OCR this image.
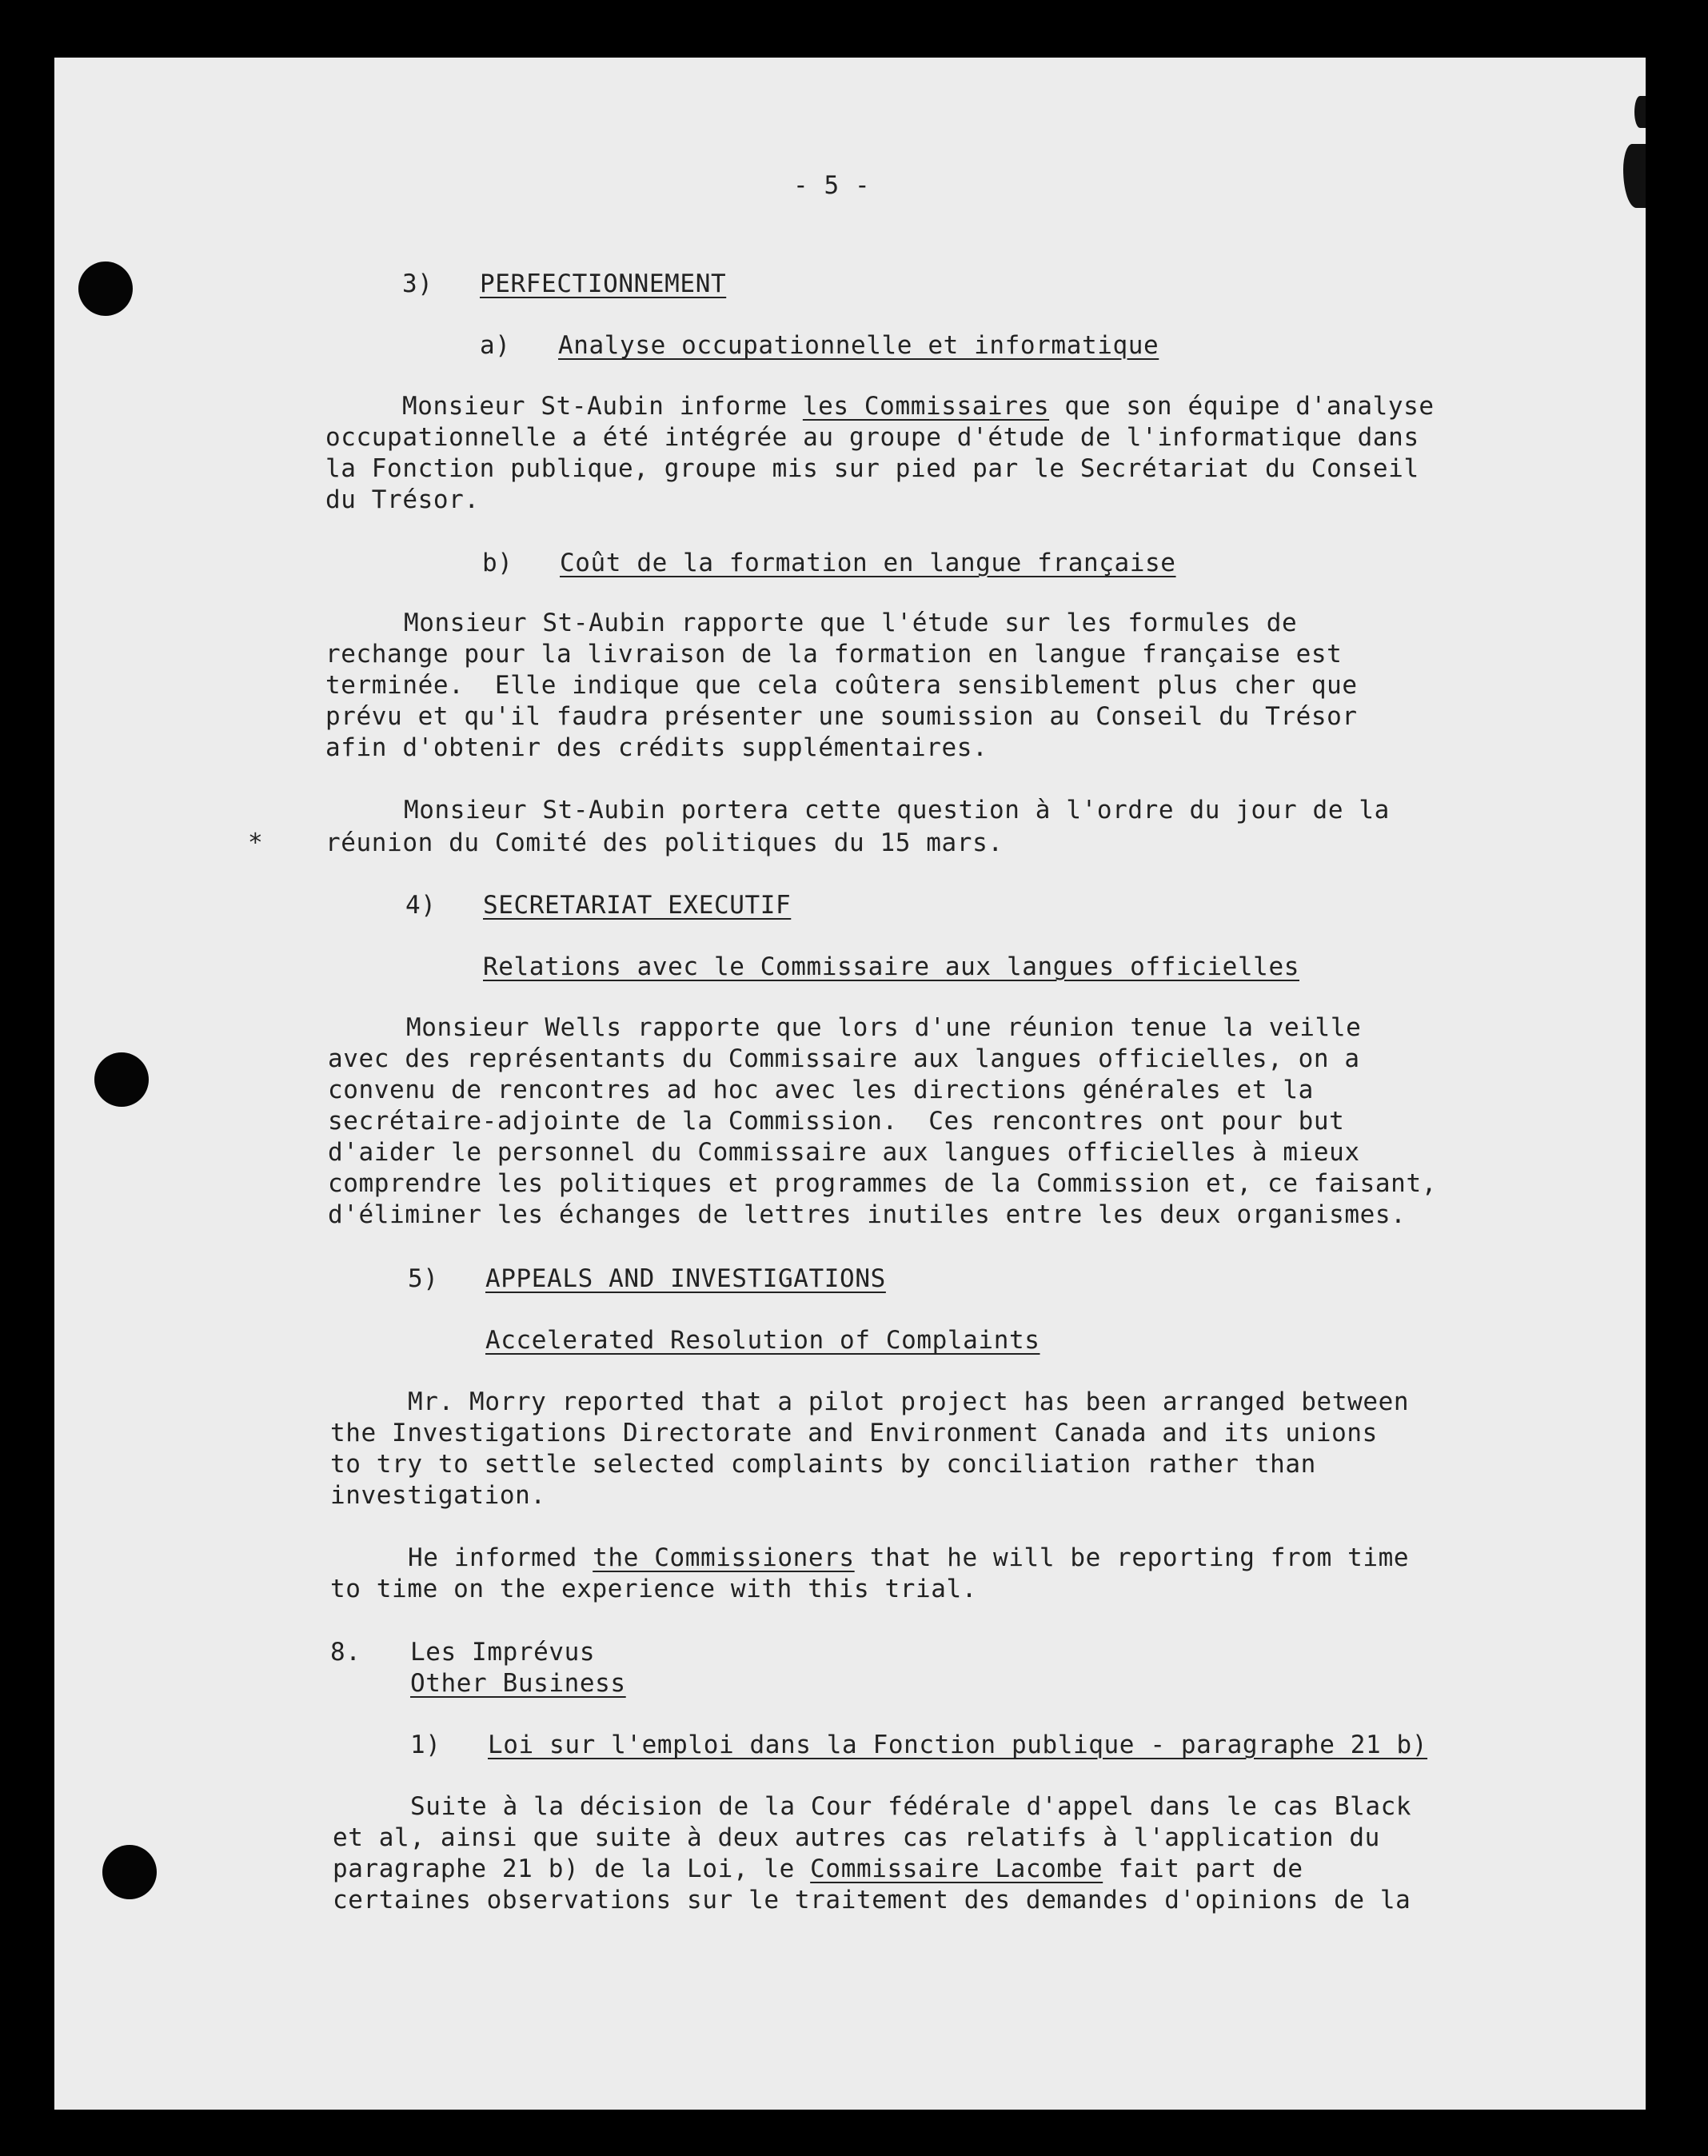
- 5 -

3) PERFECTIONNEMENT

a) Analyse occupationnelle et informatique

Monsieur St-Aubin informe les Commissaires que son équipe d'analyse

occupationnelle a été intégrée au groupe d'étude de l'informatique dans

la Fonction publique, groupe mis sur pied par le Secrétariat du Conseil

du Trésor.

b) Coût de la formation en langue française

Monsieur St-Aubin rapporte que l'étude sur les formules de

rechange pour la livraison de la formation en langue française est

terminée.  Elle indique que cela coûtera sensiblement plus cher que

prévu et qu'il faudra présenter une soumission au Conseil du Trésor

afin d'obtenir des crédits supplémentaires.

Monsieur St-Aubin portera cette question à l'ordre du jour de la

*	réunion du Comité des politiques du 15 mars.

4) SECRETARIAT EXECUTIF

Relations avec le Commissaire aux langues officielles

Monsieur Wells rapporte que lors d'une réunion tenue la veille

avec des représentants du Commissaire aux langues officielles, on a

convenu de rencontres ad hoc avec les directions générales et la

secrétaire-adjointe de la Commission.  Ces rencontres ont pour but

d'aider le personnel du Commissaire aux langues officielles à mieux

comprendre les politiques et programmes de la Commission et, ce faisant,

d'éliminer les échanges de lettres inutiles entre les deux organismes.

5) APPEALS AND INVESTIGATIONS

Accelerated Resolution of Complaints

Mr. Morry reported that a pilot project has been arranged between

the Investigations Directorate and Environment Canada and its unions

to try to settle selected complaints by conciliation rather than

investigation.

He informed the Commissioners that he will be reporting from time

to time on the experience with this trial.

8. Les Imprévus

Other Business

1) Loi sur l'emploi dans la Fonction publique - paragraphe 21 b)

Suite à la décision de la Cour fédérale d'appel dans le cas Black

et al, ainsi que suite à deux autres cas relatifs à l'application du

paragraphe 21 b) de la Loi, le Commissaire Lacombe fait part de

certaines observations sur le traitement des demandes d'opinions de la
